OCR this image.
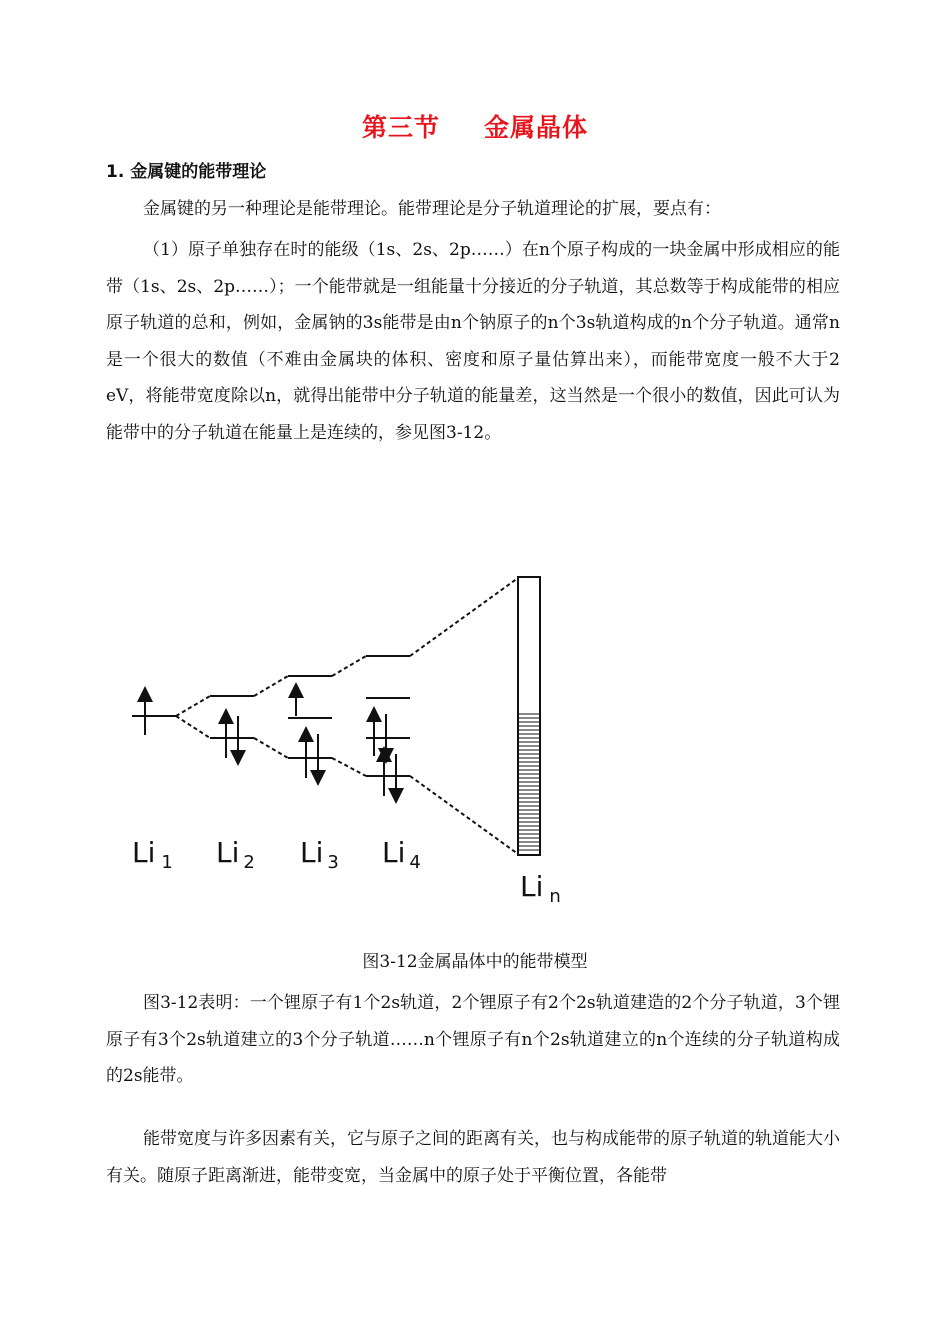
第三节 金属晶体
1. 金属键的能带理论

金属键的另一种理论是能带理论。能带理论是分子轨道理论的扩展，要点有：

（1）原子单独存在时的能级（1s、2s、2p……）在n个原子构成的一块金属中形成相应的能带（1s、2s、2p……）；一个能带就是一组能量十分接近的分子轨道，其总数等于构成能带的相应原子轨道的总和，例如，金属钠的3s能带是由n个钠原子的n个3s轨道构成的n个分子轨道。通常n是一个很大的数值（不难由金属块的体积、密度和原子量估算出来），而能带宽度一般不大于2 eV，将能带宽度除以n，就得出能带中分子轨道的能量差，这当然是一个很小的数值，因此可认为能带中的分子轨道在能量上是连续的，参见图3-12。

Li $_1$ Li $_2$ Li $_3$ Li $_4$
Li $_n$
图3-12金属晶体中的能带模型

图3-12表明：一个锂原子有1个2s轨道，2个锂原子有2个2s轨道建造的2个分子轨道，3个锂原子有3个2s轨道建立的3个分子轨道……n个锂原子有n个2s轨道建立的n个连续的分子轨道构成的2s能带。

能带宽度与许多因素有关，它与原子之间的距离有关，也与构成能带的原子轨道的轨道能大小有关。随原子距离渐进，能带变宽，当金属中的原子处于平衡位置，各能带
